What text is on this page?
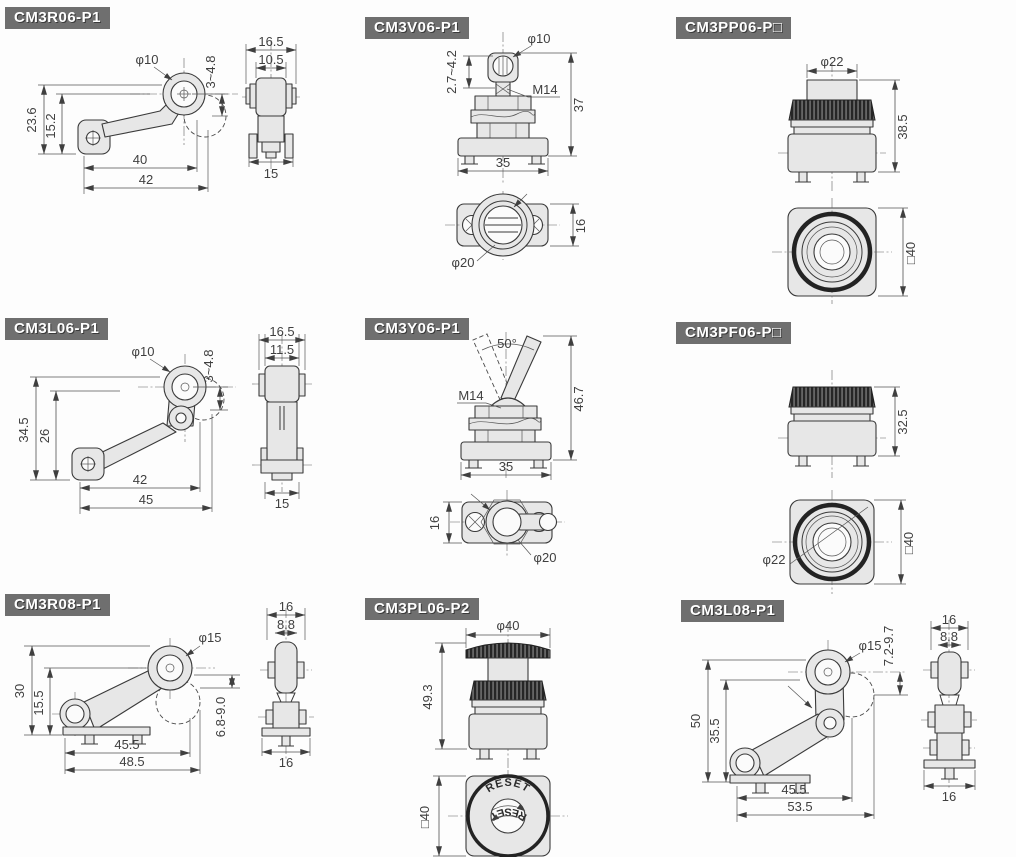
CM3R06-P1
φ10	3~4.8
23.6 15.2
40
42
16.5
10.5
15
CM3V06-P1
φ10
2.7~4.2	M14
37
35
16
φ20
CM3PP06-P□
φ22
38.5
□40
CM3L06-P1
φ10	3~4.8
34.5 26
42
45
16.5
11.5
15
CM3Y06-P1
50°
M14	46.7
35
16
φ20
CM3PF06-P□
32.5
φ22
□40
CM3R08-P1
φ15
30 15.5	6.8-9.0
45.5
48.5
16
8.8
16
CM3PL06-P2
φ40
49.3
RESET
RESET
□40
CM3L08-P1
φ15 7.2-9.7
50 35.5
45.5
53.5
16
8.8
16
